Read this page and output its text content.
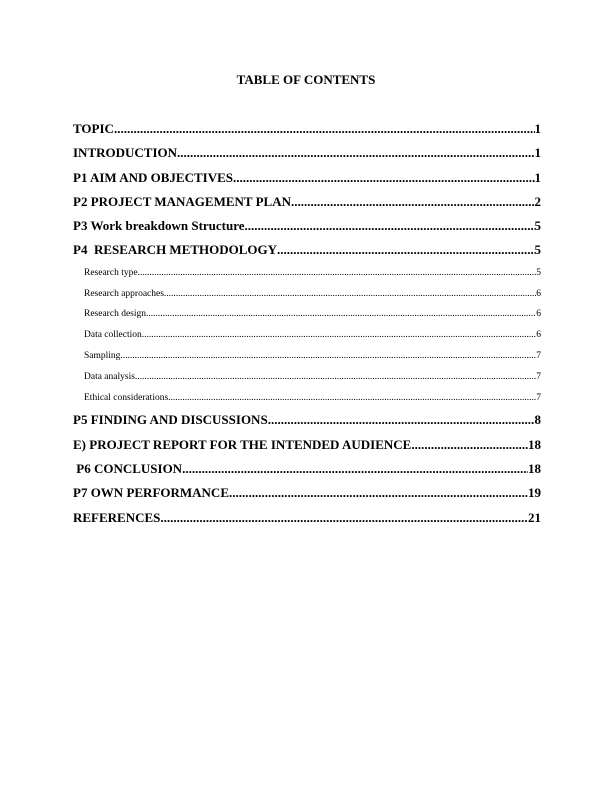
TABLE OF CONTENTS
TOPIC .....	1
INTRODUCTION .....	1
P1 AIM AND OBJECTIVES .....	1
P2 PROJECT MANAGEMENT PLAN .....	2
P3 Work breakdown Structure .....	5
P4  RESEARCH METHODOLOGY .....	5
Research type .....	5
Research approaches .....	6
Research design .....	6
Data collection .....	6
Sampling .....	7
Data analysis .....	7
Ethical considerations .....	7
P5 FINDING AND DISCUSSIONS .....	8
E) PROJECT REPORT FOR THE INTENDED AUDIENCE .....	18
P6 CONCLUSION .....	18
P7 OWN PERFORMANCE .....	19
REFERENCES .....	21
